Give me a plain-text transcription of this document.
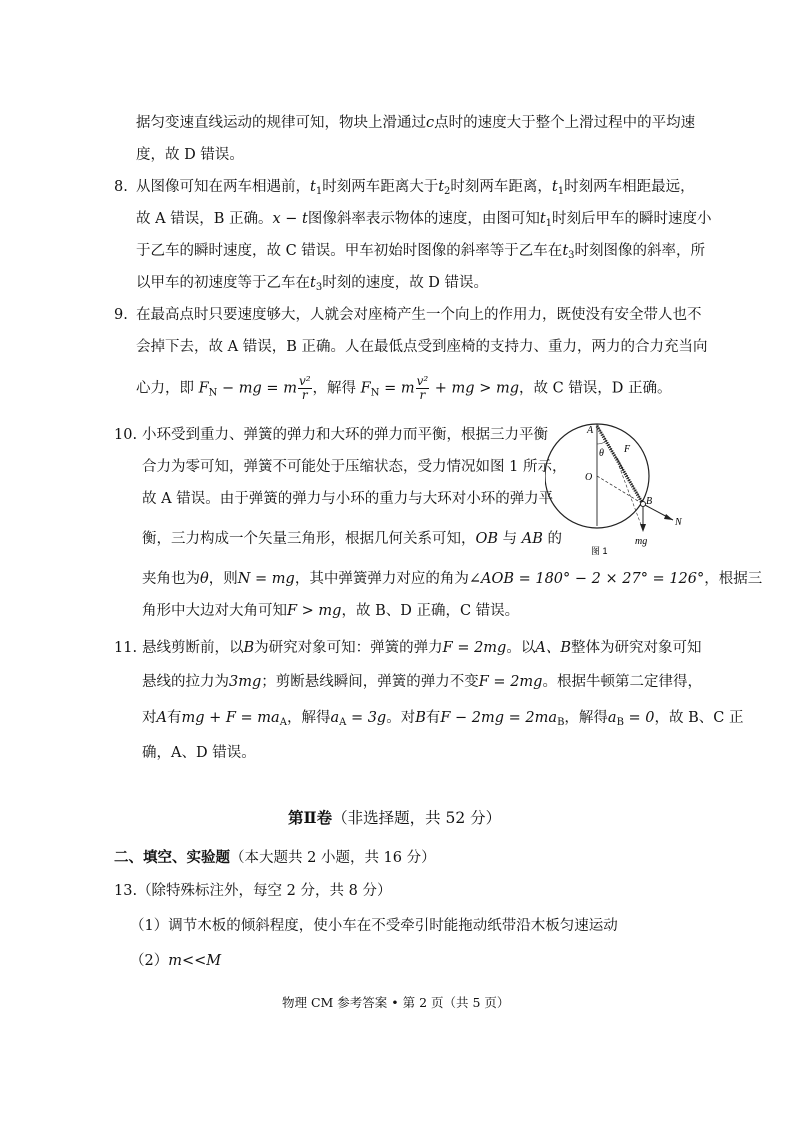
据匀变速直线运动的规律可知，物块上滑通过c点时的速度大于整个上滑过程中的平均速
度，故 D 错误。
8. 从图像可知在两车相遇前，$t_1$时刻两车距离大于$t_2$时刻两车距离，$t_1$时刻两车相距最远，
故 A 错误，B 正确。x − t图像斜率表示物体的速度，由图可知$t_1$时刻后甲车的瞬时速度小
于乙车的瞬时速度，故 C 错误。甲车初始时图像的斜率等于乙车在$t_3$时刻图像的斜率，所
以甲车的初速度等于乙车在$t_3$时刻的速度，故 D 错误。
9. 在最高点时只要速度够大，人就会对座椅产生一个向上的作用力，既使没有安全带人也不
会掉下去，故 A 错误，B 正确。人在最低点受到座椅的支持力、重力，两力的合力充当向
心力，即 $F_N$ − mg = m $\frac{\text{v²}}{r}$ ，解得 $F_N = m \frac{\text{v²}}{r}$ + mg > mg，故 C 错误，D 正确。
10. 小环受到重力、弹簧的弹力和大环的弹力而平衡，根据三力平衡
合力为零可知，弹簧不可能处于压缩状态，受力情况如图 1 所示，
故 A 错误。由于弹簧的弹力与小环的重力与大环对小环的弹力平
衡，三力构成一个矢量三角形，根据几何关系可知，OB 与 AB 的
夹角也为θ，则N = mg，其中弹簧弹力对应的角为∠AOB = 180° − 2 × 27° = 126°，根据三
角形中大边对大角可知F > mg，故 B、D 正确，C 错误。
A
F
θ
O
B
N
mg
图 1
11. 悬线剪断前，以B为研究对象可知：弹簧的弹力F = 2mg。以A、B整体为研究对象可知
悬线的拉力为3mg；剪断悬线瞬间，弹簧的弹力不变F = 2mg。根据牛顿第二定律得，
对A有mg + $F = ma_A$，解得$a_A = 3g$。对B有$F - 2mg = 2ma_B$，解得$a_B = 0$，故 B、C 正
确，A、D 错误。
第Ⅱ卷（非选择题，共 52 分）
二、填空、实验题（本大题共 2 小题，共 16 分）
13.（除特殊标注外，每空 2 分，共 8 分）
（1）调节木板的倾斜程度，使小车在不受牵引时能拖动纸带沿木板匀速运动
（2）m<<M
物理 CM 参考答案 • 第 2 页（共 5 页）
